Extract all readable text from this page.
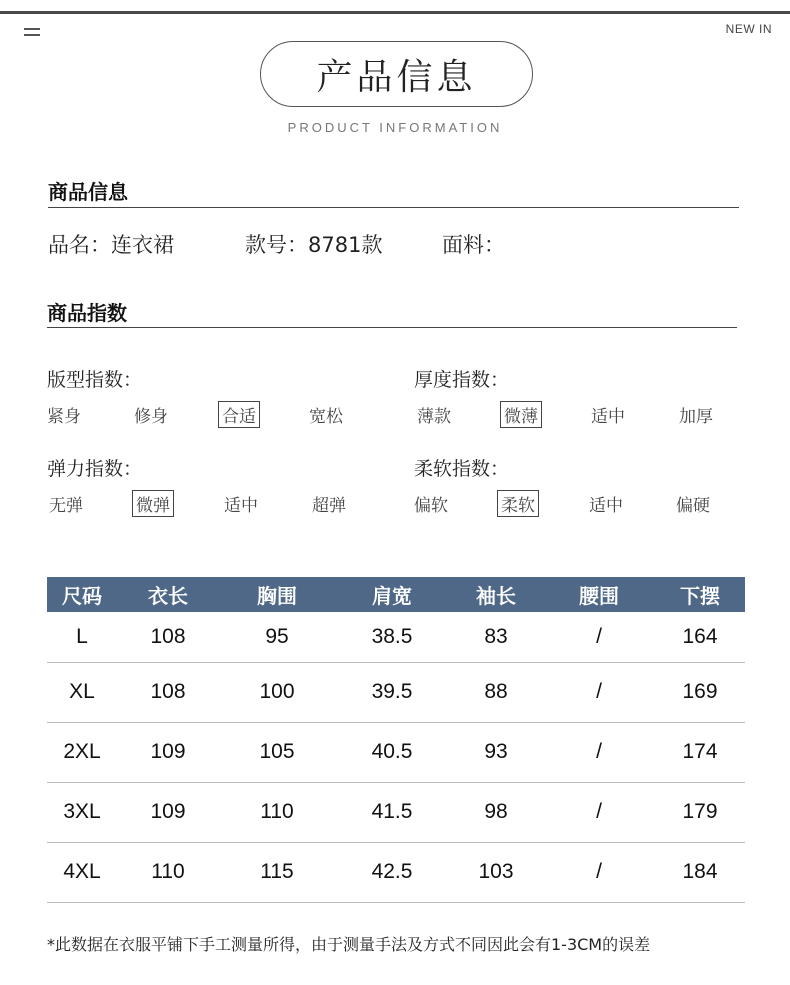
NEW IN
产品信息
PRODUCT INFORMATION
商品信息
品名：连衣裙	款号：8781款	面料：
商品指数
版型指数：
紧身	修身	合适	宽松
厚度指数：
薄款	微薄	适中	加厚
弹力指数：
无弹	微弹	适中	超弹
柔软指数：
偏软	柔软	适中	偏硬
尺码	衣长	胸围	肩宽	袖长	腰围	下摆
L	108	95	38.5	83	/	164
XL	108	100	39.5	88	/	169
2XL	109	105	40.5	93	/	174
3XL	109	110	41.5	98	/	179
4XL	110	115	42.5	103	/	184
*此数据在衣服平铺下手工测量所得，由于测量手法及方式不同因此会有1-3CM的误差
